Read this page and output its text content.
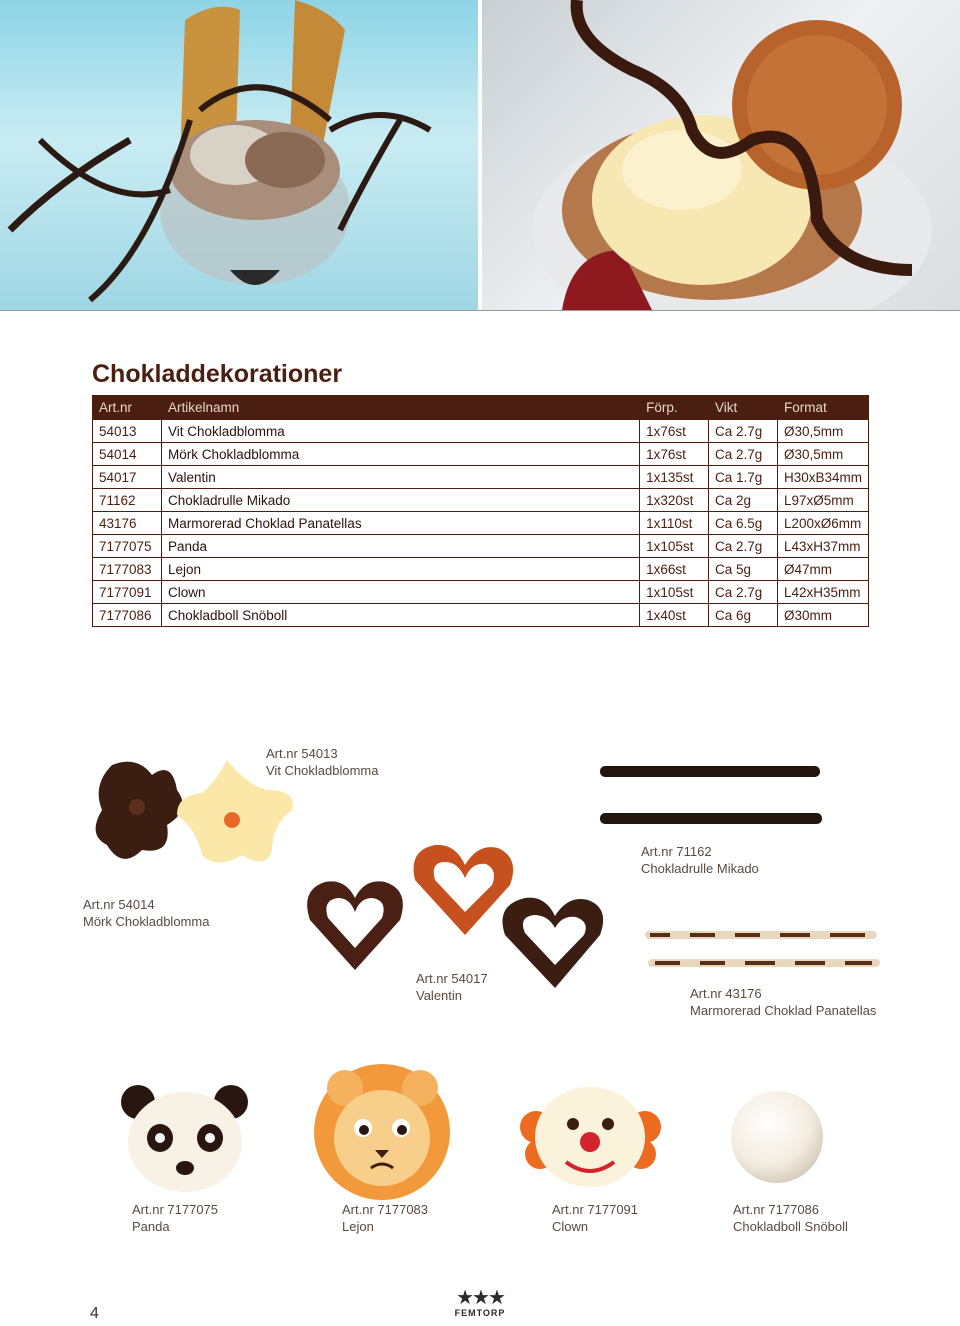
Chokladdekorationer
Art.nr	Artikelnamn	Förp.	Vikt	Format
54013	Vit Chokladblomma	1x76st	Ca 2.7g	Ø30,5mm
54014	Mörk Chokladblomma	1x76st	Ca 2.7g	Ø30,5mm
54017	Valentin	1x135st	Ca 1.7g	H30xB34mm
71162	Chokladrulle Mikado	1x320st	Ca 2g	L97xØ5mm
43176	Marmorerad Choklad Panatellas	1x110st	Ca 6.5g	L200xØ6mm
7177075	Panda	1x105st	Ca 2.7g	L43xH37mm
7177083	Lejon	1x66st	Ca 5g	Ø47mm
7177091	Clown	1x105st	Ca 2.7g	L42xH35mm
7177086	Chokladboll Snöboll	1x40st	Ca 6g	Ø30mm
Art.nr 54013
Vit Chokladblomma
Art.nr 54014
Mörk Chokladblomma
Art.nr 71162
Chokladrulle Mikado
Art.nr 54017
Valentin	Art.nr 43176
Marmorerad Choklad Panatellas
Art.nr 7177075
Panda
Art.nr 7177083
Lejon
Art.nr 7177091
Clown
Art.nr 7177086
Chokladboll Snöboll
4
★★★
FEMTORP
